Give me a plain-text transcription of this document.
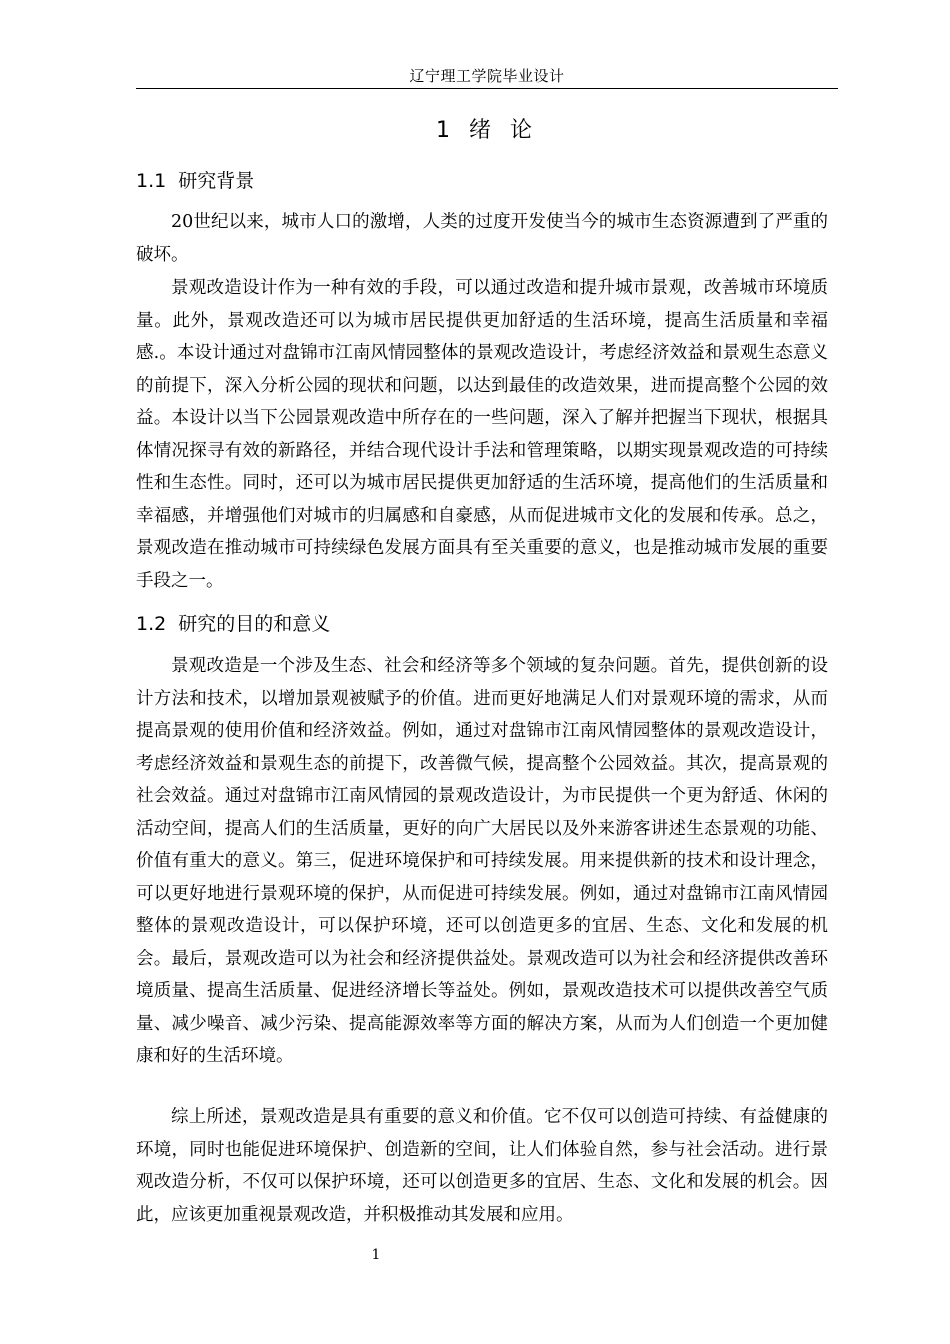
辽宁理工学院毕业设计
1 绪 论
1.1 研究背景

20世纪以来，城市人口的激增，人类的过度开发使当今的城市生态资源遭到了严重的破坏。

景观改造设计作为一种有效的手段，可以通过改造和提升城市景观，改善城市环境质量。此外，景观改造还可以为城市居民提供更加舒适的生活环境，提高生活质量和幸福感.。本设计通过对盘锦市江南风情园整体的景观改造设计，考虑经济效益和景观生态意义的前提下，深入分析公园的现状和问题，以达到最佳的改造效果，进而提高整个公园的效益。本设计以当下公园景观改造中所存在的一些问题，深入了解并把握当下现状，根据具体情况探寻有效的新路径，并结合现代设计手法和管理策略，以期实现景观改造的可持续性和生态性。同时，还可以为城市居民提供更加舒适的生活环境，提高他们的生活质量和幸福感，并增强他们对城市的归属感和自豪感，从而促进城市文化的发展和传承。总之，景观改造在推动城市可持续绿色发展方面具有至关重要的意义，也是推动城市发展的重要手段之一。

1.2 研究的目的和意义

景观改造是一个涉及生态、社会和经济等多个领域的复杂问题。首先，提供创新的设计方法和技术，以增加景观被赋予的价值。进而更好地满足人们对景观环境的需求，从而提高景观的使用价值和经济效益。例如，通过对盘锦市江南风情园整体的景观改造设计，考虑经济效益和景观生态的前提下，改善微气候，提高整个公园效益。其次，提高景观的社会效益。通过对盘锦市江南风情园的景观改造设计，为市民提供一个更为舒适、休闲的活动空间，提高人们的生活质量，更好的向广大居民以及外来游客讲述生态景观的功能、价值有重大的意义。第三，促进环境保护和可持续发展。用来提供新的技术和设计理念，可以更好地进行景观环境的保护，从而促进可持续发展。例如，通过对盘锦市江南风情园整体的景观改造设计，可以保护环境，还可以创造更多的宜居、生态、文化和发展的机会。最后，景观改造可以为社会和经济提供益处。景观改造可以为社会和经济提供改善环境质量、提高生活质量、促进经济增长等益处。例如，景观改造技术可以提供改善空气质量、减少噪音、减少污染、提高能源效率等方面的解决方案，从而为人们创造一个更加健康和好的生活环境。

综上所述，景观改造是具有重要的意义和价值。它不仅可以创造可持续、有益健康的环境，同时也能促进环境保护、创造新的空间，让人们体验自然，参与社会活动。进行景观改造分析，不仅可以保护环境，还可以创造更多的宜居、生态、文化和发展的机会。因此，应该更加重视景观改造，并积极推动其发展和应用。

1
